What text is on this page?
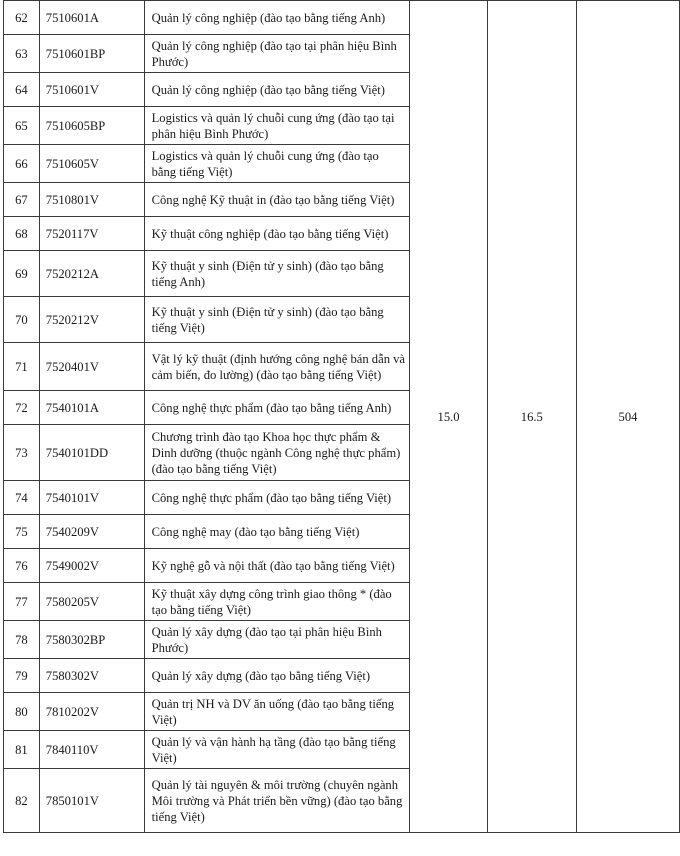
62	7510601A	Quản lý công nghiệp (đào tạo bằng tiếng Anh)	15.0	16.5	504
63	7510601BP	Quản lý công nghiệp (đào tạo tại phân hiệu Bình Phước)			
64	7510601V	Quản lý công nghiệp (đào tạo bằng tiếng Việt)			
65	7510605BP	Logistics và quản lý chuỗi cung ứng (đào tạo tại phân hiệu Bình Phước)			
66	7510605V	Logistics và quản lý chuỗi cung ứng (đào tạo bằng tiếng Việt)			
67	7510801V	Công nghệ Kỹ thuật in (đào tạo bằng tiếng Việt)			
68	7520117V	Kỹ thuật công nghiệp (đào tạo bằng tiếng Việt)			
69	7520212A	Kỹ thuật y sinh (Điện tử y sinh) (đào tạo bằng tiếng Anh)			
70	7520212V	Kỹ thuật y sinh (Điện tử y sinh) (đào tạo bằng tiếng Việt)			
71	7520401V	Vật lý kỹ thuật (định hướng công nghệ bán dẫn và cảm biến, đo lường) (đào tạo bằng tiếng Việt)			
72	7540101A	Công nghệ thực phẩm (đào tạo bằng tiếng Anh)			
73	7540101DD	Chương trình đào tạo Khoa học thực phẩm & Dinh dưỡng (thuộc ngành Công nghệ thực phẩm) (đào tạo bằng tiếng Việt)			
74	7540101V	Công nghệ thực phẩm (đào tạo bằng tiếng Việt)			
75	7540209V	Công nghệ may (đào tạo bằng tiếng Việt)			
76	7549002V	Kỹ nghệ gỗ và nội thất (đào tạo bằng tiếng Việt)			
77	7580205V	Kỹ thuật xây dựng công trình giao thông * (đào tạo bằng tiếng Việt)			
78	7580302BP	Quản lý xây dựng (đào tạo tại phân hiệu Bình Phước)			
79	7580302V	Quản lý xây dựng (đào tạo bằng tiếng Việt)			
80	7810202V	Quản trị NH và DV ăn uống (đào tạo bằng tiếng Việt)			
81	7840110V	Quản lý và vận hành hạ tầng (đào tạo bằng tiếng Việt)			
82	7850101V	Quản lý tài nguyên & môi trường (chuyên ngành Môi trường và Phát triển bền vững) (đào tạo bằng tiếng Việt)			
